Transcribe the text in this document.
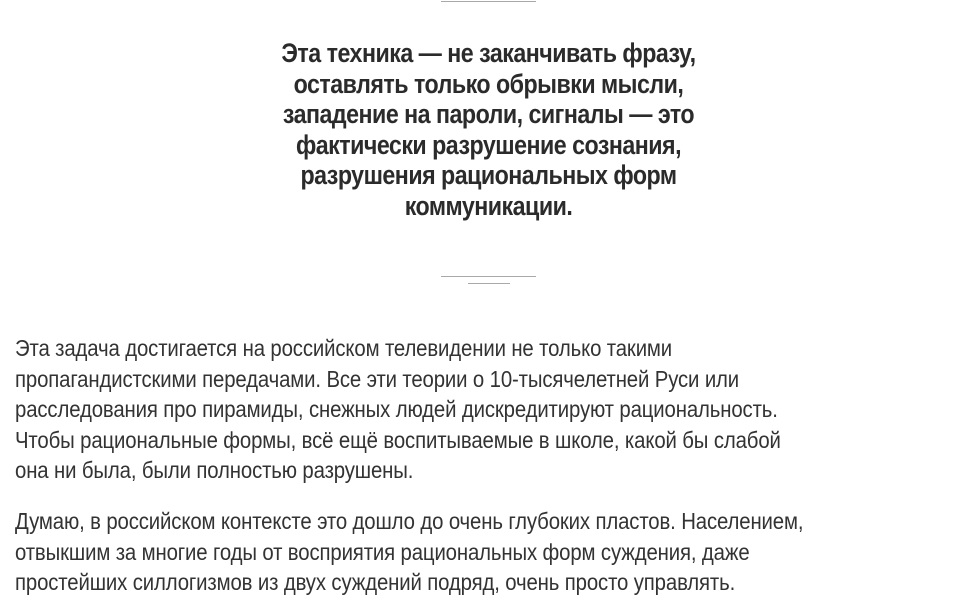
Эта техника — не заканчивать фразу,
оставлять только обрывки мысли,
западение на пароли, сигналы — это
фактически разрушение сознания,
разрушения рациональных форм
коммуникации.
Эта задача достигается на российском телевидении не только такими
пропагандистскими передачами. Все эти теории о 10-тысячелетней Руси или
расследования про пирамиды, снежных людей дискредитируют рациональность.
Чтобы рациональные формы, всё ещё воспитываемые в школе, какой бы слабой
она ни была, были полностью разрушены.
Думаю, в российском контексте это дошло до очень глубоких пластов. Населением,
отвыкшим за многие годы от восприятия рациональных форм суждения, даже
простейших силлогизмов из двух суждений подряд, очень просто управлять.
